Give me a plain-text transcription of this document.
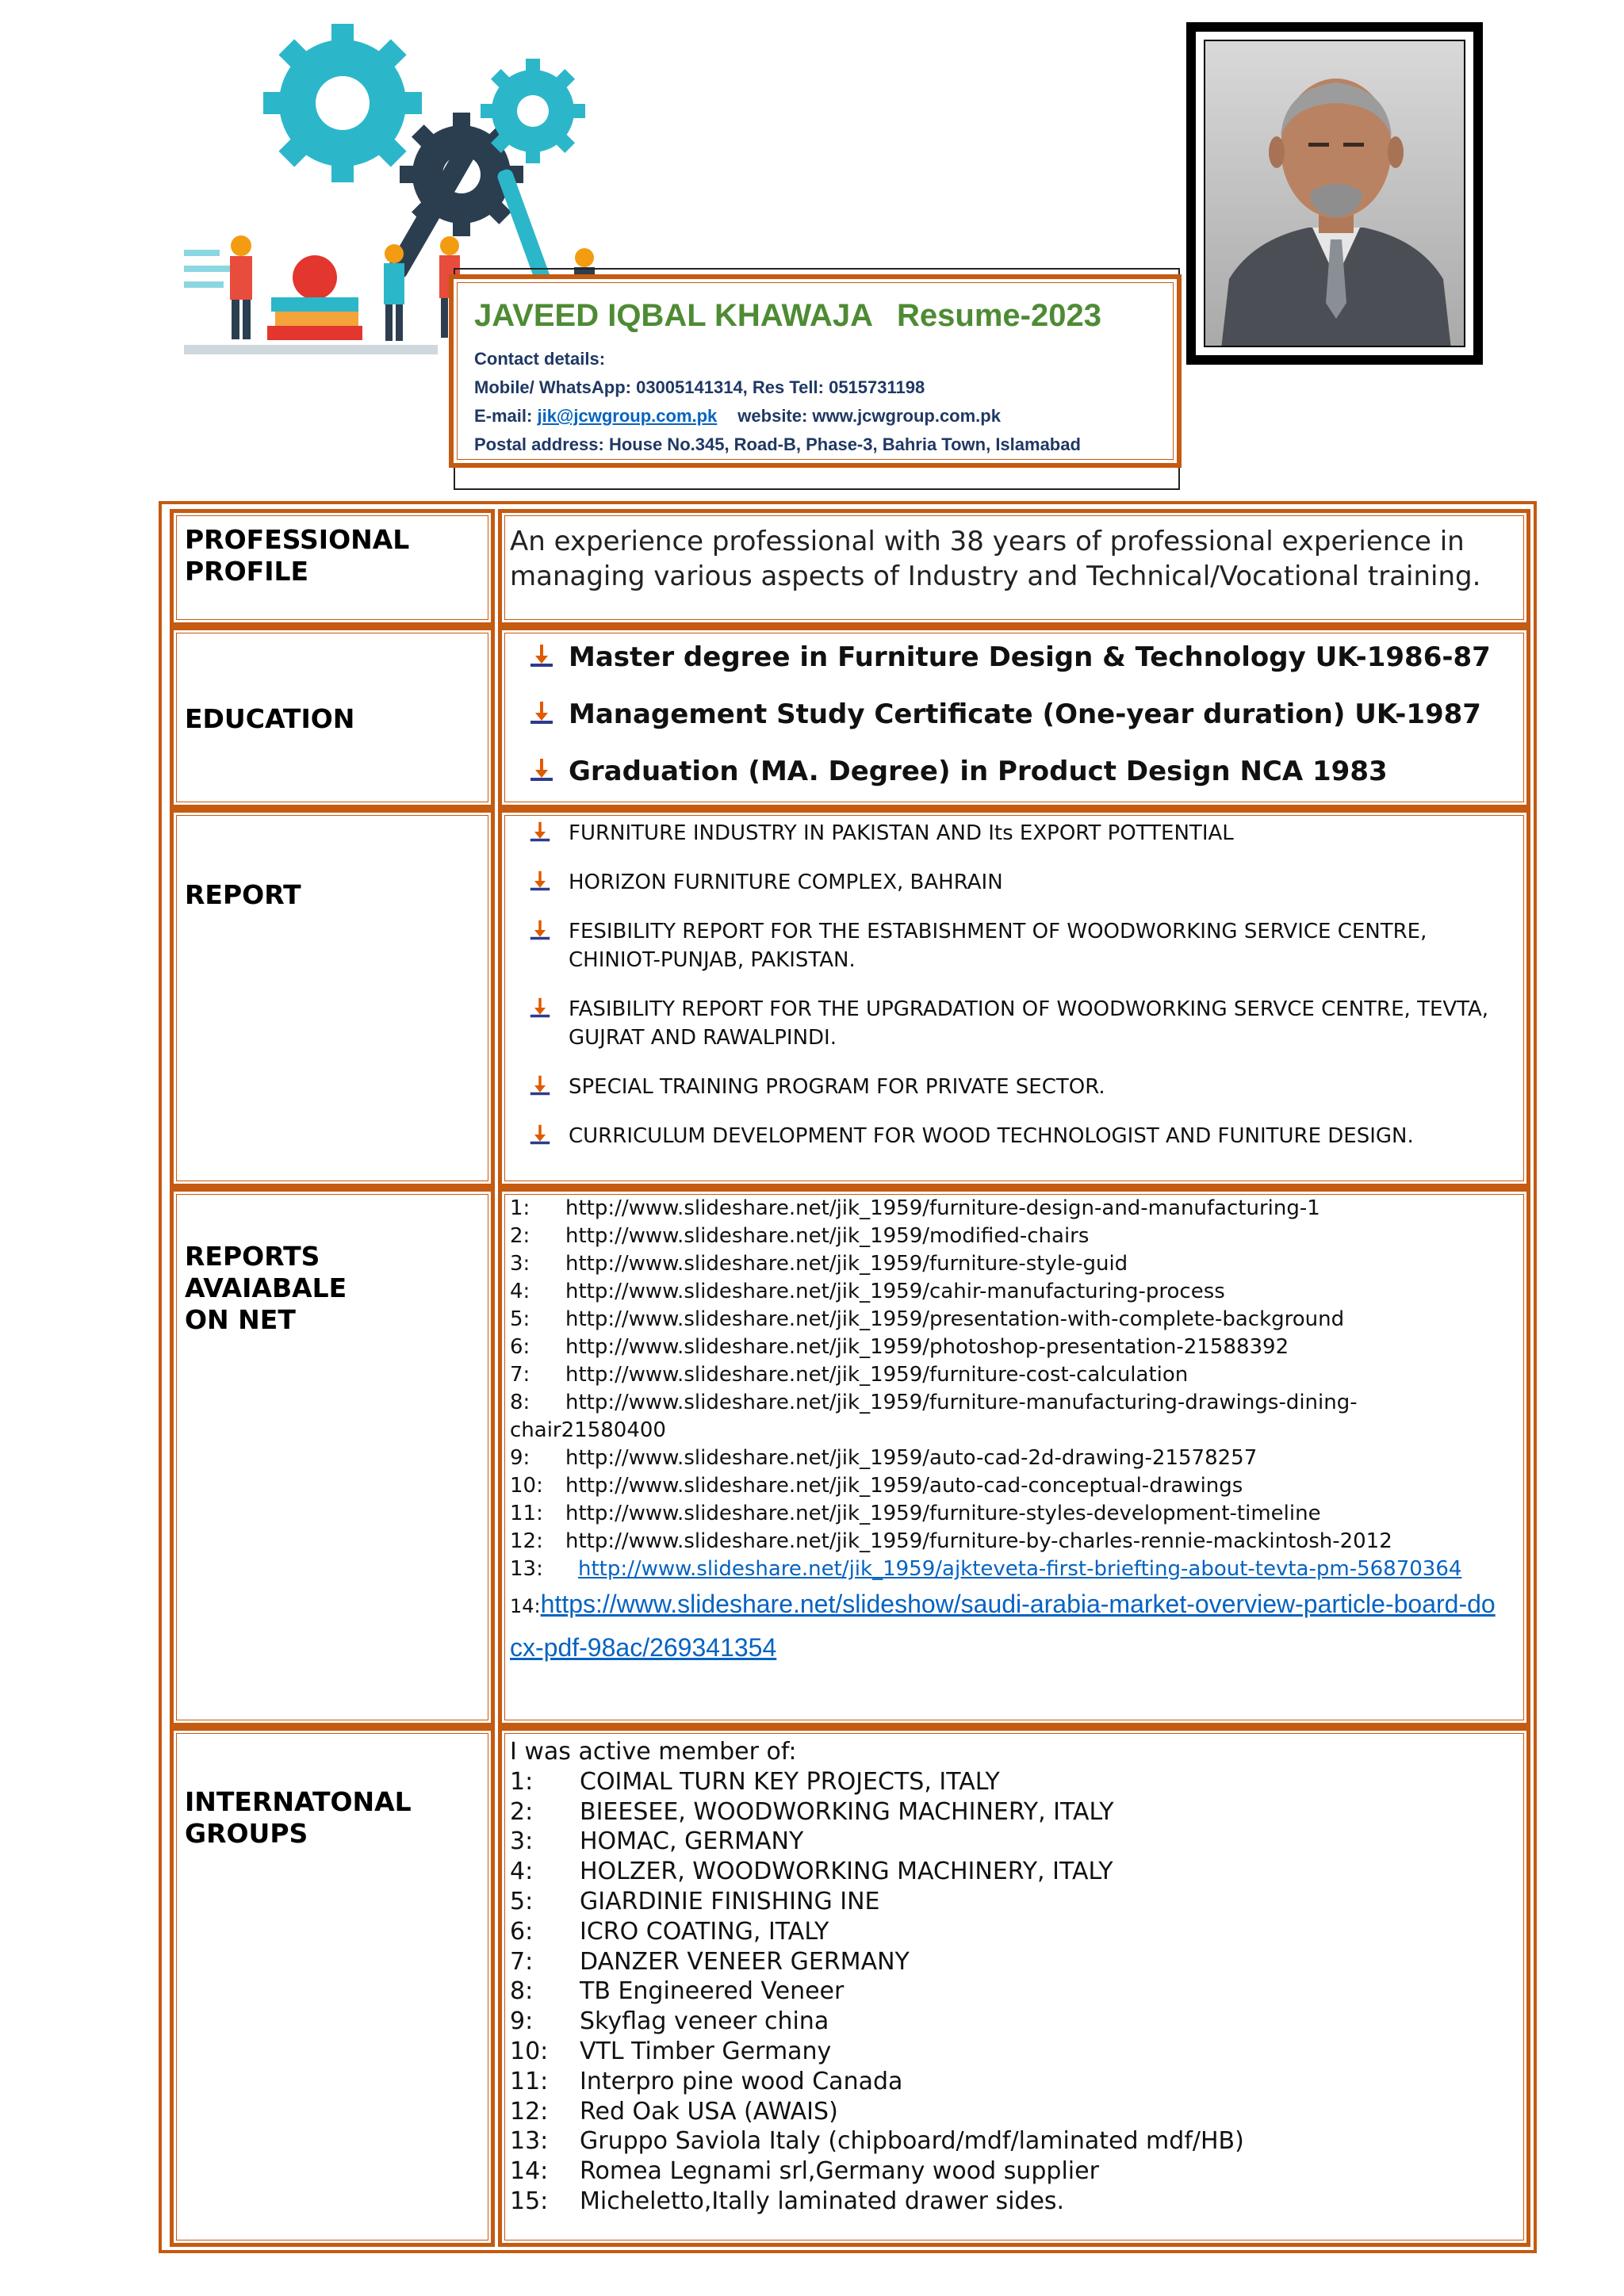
JAVEED IQBAL KHAWAJA Resume-2023
Contact details:
Mobile/ WhatsApp: 03005141314, Res Tell: 0515731198
E-mail: jik@jcwgroup.com.pk website: www.jcwgroup.com.pk
Postal address: House No.345, Road-B, Phase-3, Bahria Town, Islamabad
PROFESSIONAL
PROFILE
An experience professional with 38 years of professional experience in managing various aspects of Industry and Technical/Vocational training.
EDUCATION
Master degree in Furniture Design & Technology UK-1986-87
Management Study Certificate (One-year duration) UK-1987
Graduation (MA. Degree) in Product Design NCA 1983
REPORT
FURNITURE INDUSTRY IN PAKISTAN AND Its EXPORT POTTENTIAL
HORIZON FURNITURE COMPLEX, BAHRAIN
FESIBILITY REPORT FOR THE ESTABISHMENT OF WOODWORKING SERVICE CENTRE, CHINIOT-PUNJAB, PAKISTAN.
FASIBILITY REPORT FOR THE UPGRADATION OF WOODWORKING SERVCE CENTRE, TEVTA, GUJRAT AND RAWALPINDI.
SPECIAL TRAINING PROGRAM FOR PRIVATE SECTOR.
CURRICULUM DEVELOPMENT FOR WOOD TECHNOLOGIST AND FUNITURE DESIGN.
REPORTS
AVAIABALE
ON NET
1: http://www.slideshare.net/jik_1959/furniture-design-and-manufacturing-1
2: http://www.slideshare.net/jik_1959/modified-chairs
3: http://www.slideshare.net/jik_1959/furniture-style-guid
4: http://www.slideshare.net/jik_1959/cahir-manufacturing-process
5: http://www.slideshare.net/jik_1959/presentation-with-complete-background
6: http://www.slideshare.net/jik_1959/photoshop-presentation-21588392
7: http://www.slideshare.net/jik_1959/furniture-cost-calculation
8: http://www.slideshare.net/jik_1959/furniture-manufacturing-drawings-dining-chair21580400
9: http://www.slideshare.net/jik_1959/auto-cad-2d-drawing-21578257
10: http://www.slideshare.net/jik_1959/auto-cad-conceptual-drawings
11: http://www.slideshare.net/jik_1959/furniture-styles-development-timeline
12: http://www.slideshare.net/jik_1959/furniture-by-charles-rennie-mackintosh-2012
13: http://www.slideshare.net/jik_1959/ajkteveta-first-briefting-about-tevta-pm-56870364
14:https://www.slideshare.net/slideshow/saudi-arabia-market-overview-particle-board-docx-pdf-98ac/269341354
INTERNATONAL
GROUPS
I was active member of:
1: COIMAL TURN KEY PROJECTS, ITALY
2: BIEESEE, WOODWORKING MACHINERY, ITALY
3: HOMAC, GERMANY
4: HOLZER, WOODWORKING MACHINERY, ITALY
5: GIARDINIE FINISHING INE
6: ICRO COATING, ITALY
7: DANZER VENEER GERMANY
8: TB Engineered Veneer
9: Skyflag veneer china
10: VTL Timber Germany
11: Interpro pine wood Canada
12: Red Oak USA (AWAIS)
13: Gruppo Saviola Italy (chipboard/mdf/laminated mdf/HB)
14: Romea Legnami srl,Germany wood supplier
15: Micheletto,Itally laminated drawer sides.
